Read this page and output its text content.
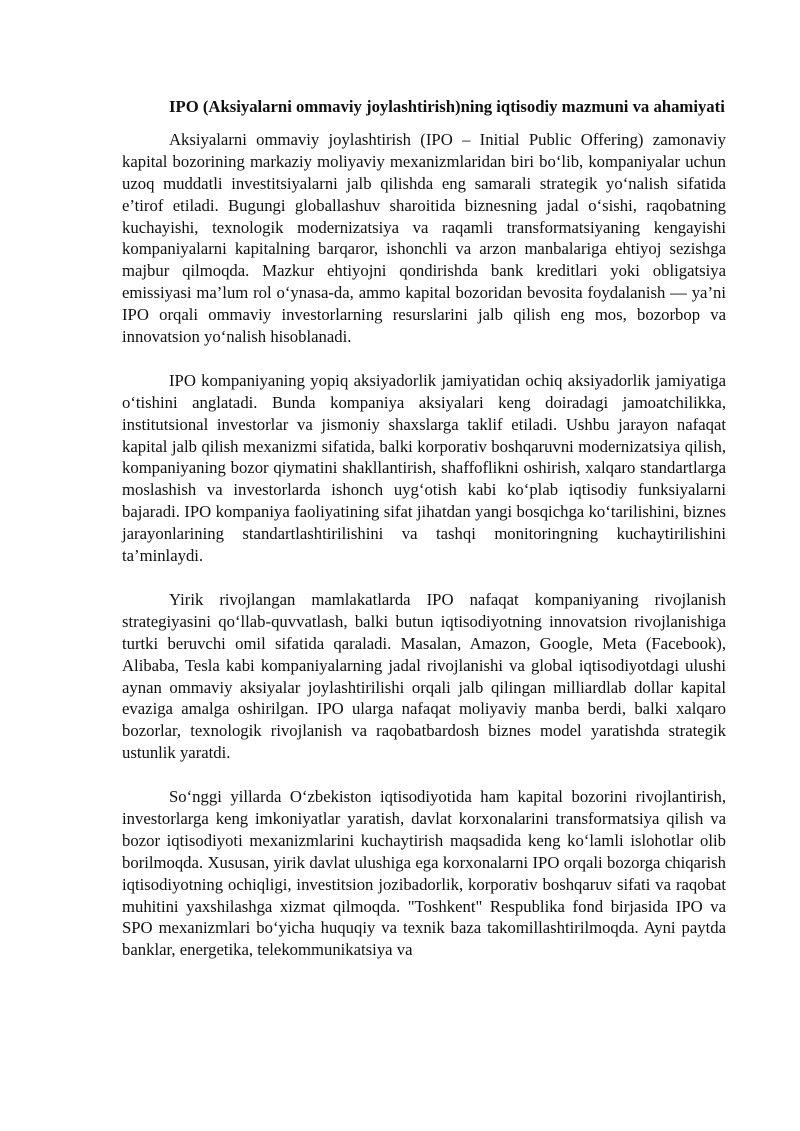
IPO (Aksiyalarni ommaviy joylashtirish)ning iqtisodiy mazmuni va ahamiyati

Aksiyalarni ommaviy joylashtirish (IPO – Initial Public Offering) zamonaviy kapital bozorining markaziy moliyaviy mexanizmlaridan biri bo‘lib, kompaniyalar uchun uzoq muddatli investitsiyalarni jalb qilishda eng samarali strategik yo‘nalish sifatida e’tirof etiladi. Bugungi globallashuv sharoitida biznesning jadal o‘sishi, raqobatning kuchayishi, texnologik modernizatsiya va raqamli transformatsiyaning kengayishi kompaniyalarni kapitalning barqaror, ishonchli va arzon manbalariga ehtiyoj sezishga majbur qilmoqda. Mazkur ehtiyojni qondirishda bank kreditlari yoki obligatsiya emissiyasi ma’lum rol o‘ynasa-da, ammo kapital bozoridan bevosita foydalanish — ya’ni IPO orqali ommaviy investorlarning resurslarini jalb qilish eng mos, bozorbop va innovatsion yo‘nalish hisoblanadi.

IPO kompaniyaning yopiq aksiyadorlik jamiyatidan ochiq aksiyadorlik jamiyatiga o‘tishini anglatadi. Bunda kompaniya aksiyalari keng doiradagi jamoatchilikka, institutsional investorlar va jismoniy shaxslarga taklif etiladi. Ushbu jarayon nafaqat kapital jalb qilish mexanizmi sifatida, balki korporativ boshqaruvni modernizatsiya qilish, kompaniyaning bozor qiymatini shakllantirish, shaffoflikni oshirish, xalqaro standartlarga moslashish va investorlarda ishonch uyg‘otish kabi ko‘plab iqtisodiy funksiyalarni bajaradi. IPO kompaniya faoliyatining sifat jihatdan yangi bosqichga ko‘tarilishini, biznes jarayonlarining standartlashtirilishini va tashqi monitoringning kuchaytirilishini ta’minlaydi.

Yirik rivojlangan mamlakatlarda IPO nafaqat kompaniyaning rivojlanish strategiyasini qo‘llab-quvvatlash, balki butun iqtisodiyotning innovatsion rivojlanishiga turtki beruvchi omil sifatida qaraladi. Masalan, Amazon, Google, Meta (Facebook), Alibaba, Tesla kabi kompaniyalarning jadal rivojlanishi va global iqtisodiyotdagi ulushi aynan ommaviy aksiyalar joylashtirilishi orqali jalb qilingan milliardlab dollar kapital evaziga amalga oshirilgan. IPO ularga nafaqat moliyaviy manba berdi, balki xalqaro bozorlar, texnologik rivojlanish va raqobatbardosh biznes model yaratishda strategik ustunlik yaratdi.

So‘nggi yillarda O‘zbekiston iqtisodiyotida ham kapital bozorini rivojlantirish, investorlarga keng imkoniyatlar yaratish, davlat korxonalarini transformatsiya qilish va bozor iqtisodiyoti mexanizmlarini kuchaytirish maqsadida keng ko‘lamli islohotlar olib borilmoqda. Xususan, yirik davlat ulushiga ega korxonalarni IPO orqali bozorga chiqarish iqtisodiyotning ochiqligi, investitsion jozibadorlik, korporativ boshqaruv sifati va raqobat muhitini yaxshilashga xizmat qilmoqda. "Toshkent" Respublika fond birjasida IPO va SPO mexanizmlari bo‘yicha huquqiy va texnik baza takomillashtirilmoqda. Ayni paytda banklar, energetika, telekommunikatsiya va
